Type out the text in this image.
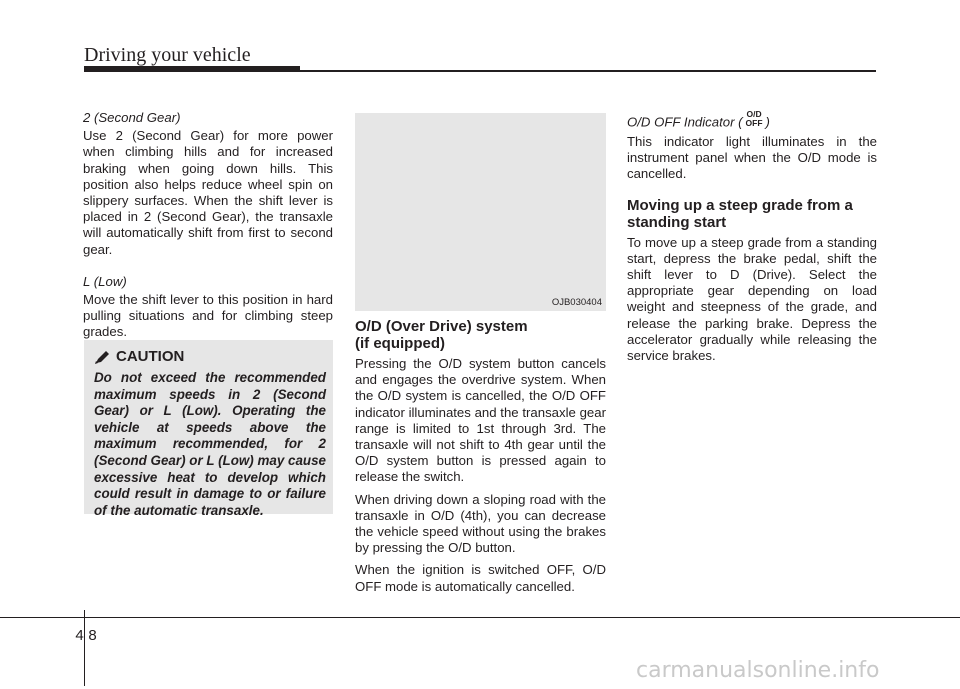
Driving your vehicle
2 (Second Gear)

Use 2 (Second Gear) for more power when climbing hills and for increased braking when going down hills. This position also helps reduce wheel spin on slippery surfaces. When the shift lever is placed in 2 (Second Gear), the transaxle will automatically shift from first to second gear.

L (Low)

Move the shift lever to this position in hard pulling situations and for climbing steep grades.

CAUTION
Do not exceed the recommended maximum speeds in 2 (Second Gear) or L (Low). Operating the vehicle at speeds above the maximum recommended, for 2 (Second Gear) or L (Low) may cause excessive heat to develop which could result in damage to or failure of the automatic transaxle.
OJB030404
O/D (Over Drive) system
(if equipped)

Pressing the O/D system button cancels and engages the overdrive system. When the O/D system is cancelled, the O/D OFF indicator illuminates and the transaxle gear range is limited to 1st through 3rd. The transaxle will not shift to 4th gear until the O/D system button is pressed again to release the switch.

When driving down a sloping road with the transaxle in O/D (4th), you can decrease the vehicle speed without using the brakes by pressing the O/D button.

When the ignition is switched OFF, O/D OFF mode is automatically cancelled.

O/D OFF Indicator (
O/D
OFF )

This indicator light illuminates in the instrument panel when the O/D mode is cancelled.

Moving up a steep grade from a standing start

To move up a steep grade from a standing start, depress the brake pedal, shift the shift lever to D (Drive). Select the appropriate gear depending on load weight and steepness of the grade, and release the parking brake. Depress the accelerator gradually while releasing the service brakes.

4 8
carmanualsonline.info
